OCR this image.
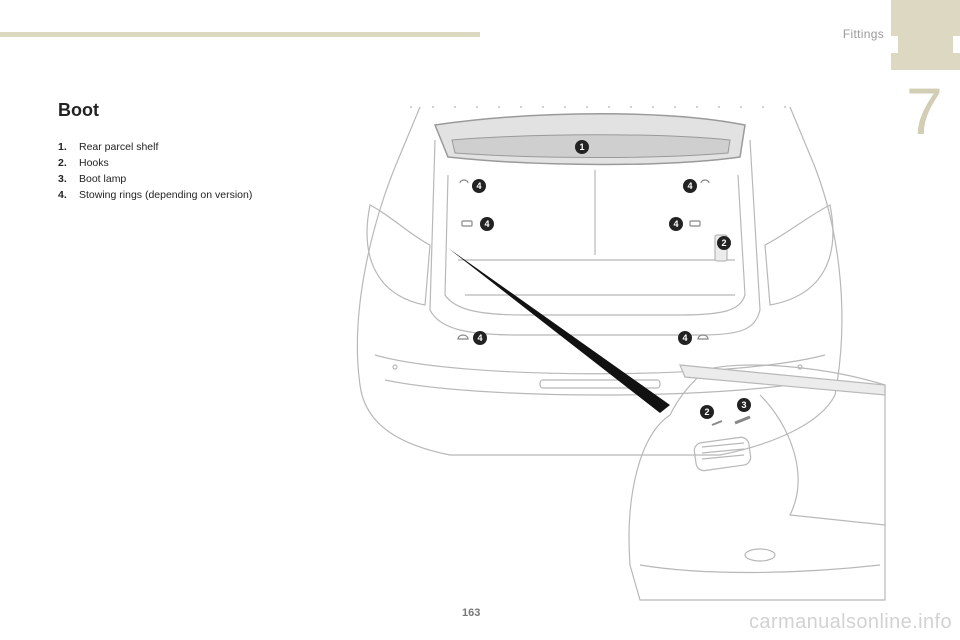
Fittings
7
Boot
1.	Rear parcel shelf
2.	Hooks
3.	Boot lamp
4.	Stowing rings (depending on version)
1
4	4
4	4
2
4	4
2
3
163	carmanualsonline.info
